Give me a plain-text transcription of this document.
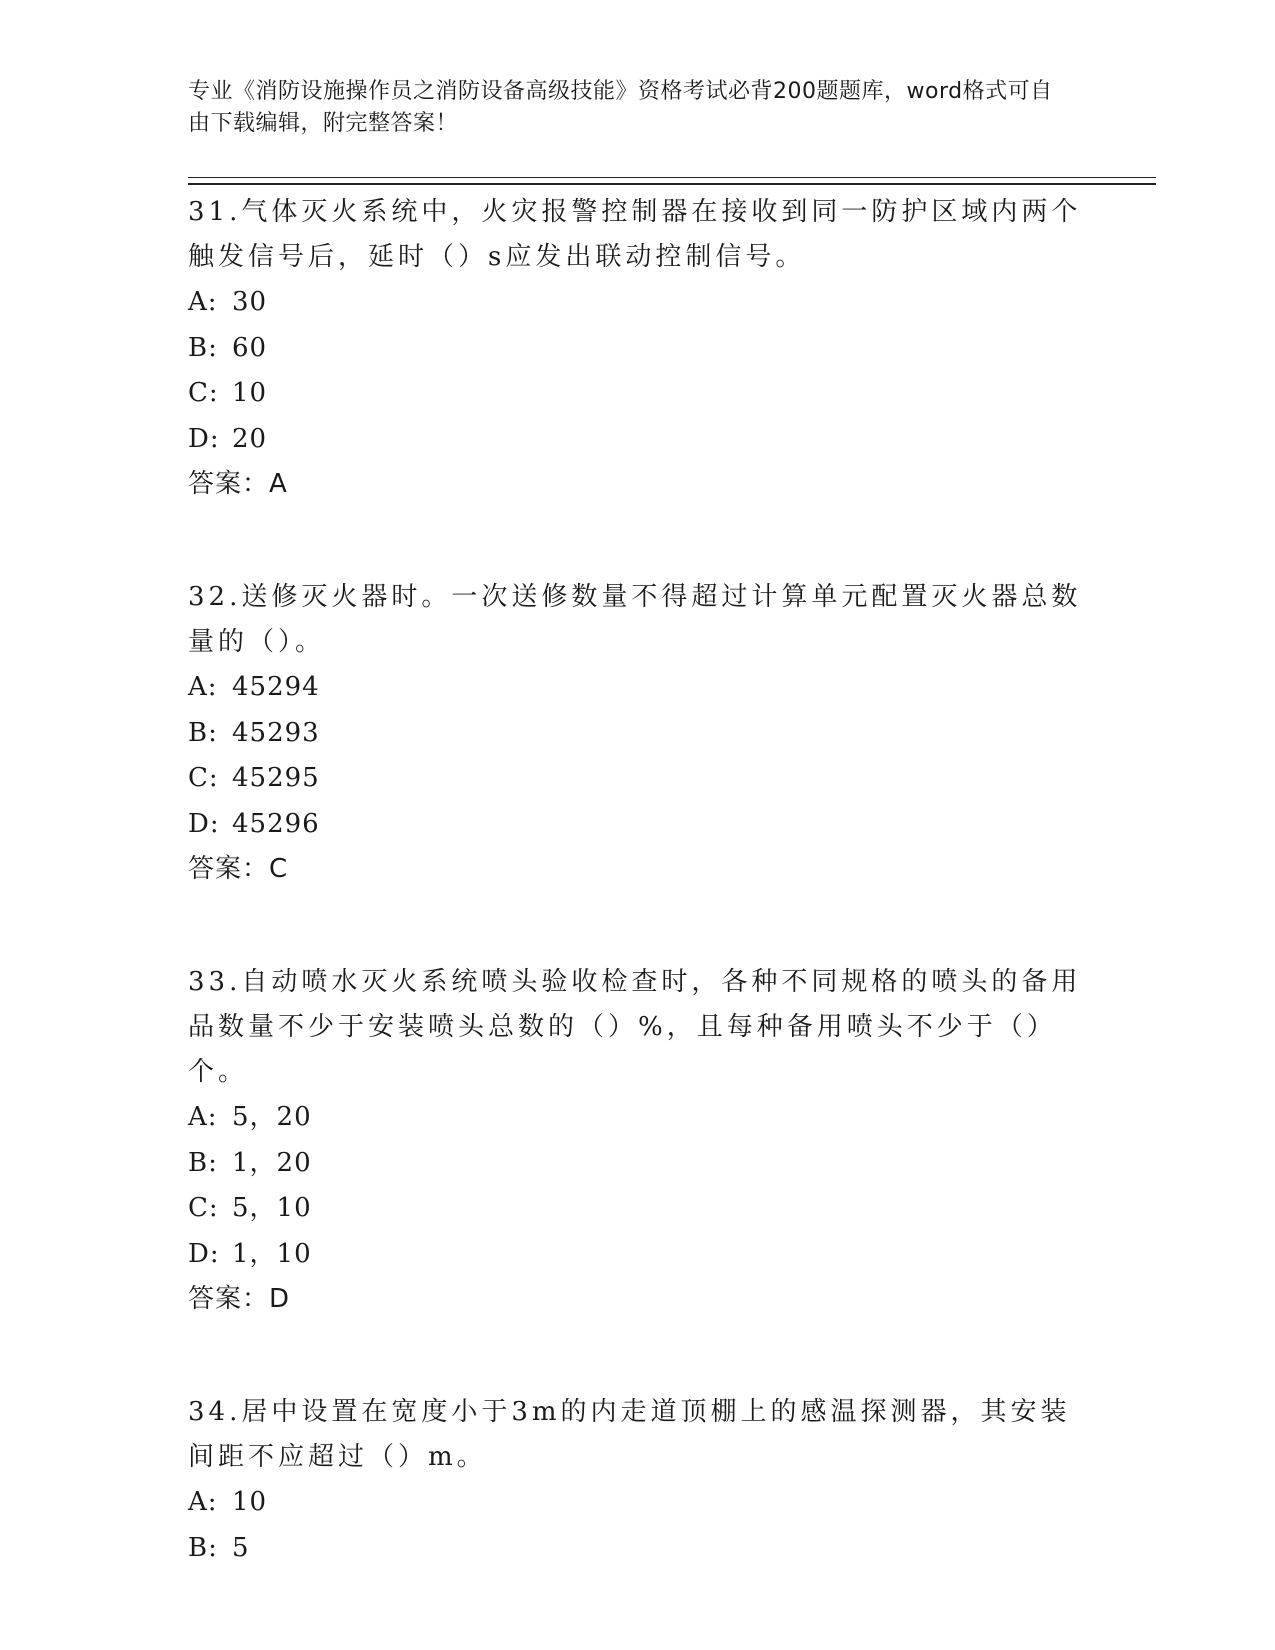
专业《消防设施操作员之消防设备高级技能》资格考试必背200题题库，word格式可自由下载编辑，附完整答案！
31.气体灭火系统中，火灾报警控制器在接收到同一防护区域内两个触发信号后，延时（）s应发出联动控制信号。
A: 30
B: 60
C: 10
D: 20
答案：A
32.送修灭火器时。一次送修数量不得超过计算单元配置灭火器总数量的（）。
A: 45294
B: 45293
C: 45295
D: 45296
答案：C
33.自动喷水灭火系统喷头验收检查时，各种不同规格的喷头的备用品数量不少于安装喷头总数的（）%，且每种备用喷头不少于（）个。
A: 5，20
B: 1，20
C: 5，10
D: 1，10
答案：D
34.居中设置在宽度小于3m的内走道顶棚上的感温探测器，其安装间距不应超过（）m。
A: 10
B: 5
